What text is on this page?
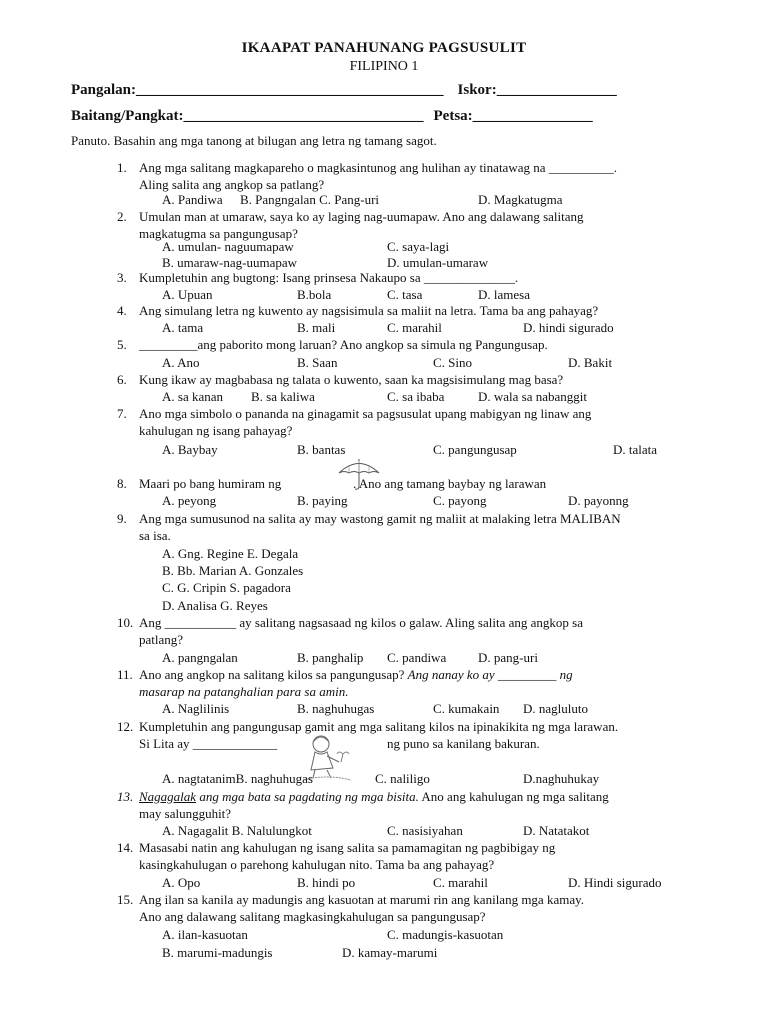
IKAAPAT PANAHUNANG PAGSUSULIT
FILIPINO 1
Pangalan:_________________________________________ Iskor:________________
Baitang/Pangkat:________________________________ Petsa:________________
Panuto. Basahin ang mga tanong at bilugan ang letra ng tamang sagot.
1. Ang mga salitang magkapareho o magkasintunog ang hulihan ay tinatawag na __________.
Aling salita ang angkop sa patlang?
A. Pandiwa B. Pangngalan C. Pang-uri	D. Magkatugma
2. Umulan man at umaraw, saya ko ay laging nag-uumapaw. Ano ang dalawang salitang
magkatugma sa pangungusap?
A. umulan- naguumapaw	C. saya-lagi
B. umaraw-nag-uumapaw	D. umulan-umaraw
3. Kumpletuhin ang bugtong: Isang prinsesa Nakaupo sa ______________.
A. Upuan	B.bola	C. tasa	D. lamesa
4. Ang simulang letra ng kuwento ay nagsisimula sa maliit na letra. Tama ba ang pahayag?
A. tama	B. mali	C. marahil	D. hindi sigurado
5. _________ang paborito mong laruan? Ano angkop sa simula ng Pangungusap.
A. Ano	B. Saan	C. Sino	D. Bakit
6. Kung ikaw ay magbabasa ng talata o kuwento, saan ka magsisimulang mag basa?
A. sa kanan B. sa kaliwa	C. sa ibaba	D. wala sa nabanggit
7. Ano mga simbolo o pananda na ginagamit sa pagsusulat upang mabigyan ng linaw ang
kahulugan ng isang pahayag?
A. Baybay	B. bantas	C. pangungusap	D. talata
8. Maari po bang humiram ng	. Ano ang tamang baybay ng larawan
A. peyong	B. paying	C. payong	D. payonng
9. Ang mga sumusunod na salita ay may wastong gamit ng maliit at malaking letra MALIBAN
sa isa.
A. Gng. Regine E. Degala
B. Bb. Marian A. Gonzales
C. G. Cripin S. pagadora
D. Analisa G. Reyes
10. Ang ___________ ay salitang nagsasaad ng kilos o galaw. Aling salita ang angkop sa
patlang?
A. pangngalan	B. panghalip C. pandiwa D. pang-uri
11. Ano ang angkop na salitang kilos sa pangungusap? Ang nanay ko ay _________ ng
masarap na patanghalian para sa amin.
A. Naglilinis	B. naghuhugas	C. kumakain D. nagluluto
12. Kumpletuhin ang pangungusap gamit ang mga salitang kilos na ipinakikita ng mga larawan.
Si Lita ay _____________	ng puno sa kanilang bakuran.
A. nagtatanimB. naghuhugas	C. naliligo	D.naghuhukay
13. Nagagalak ang mga bata sa pagdating ng mga bisita. Ano ang kahulugan ng mga salitang
may salungguhit?
A. Nagagalit B. Nalulungkot	C. nasisiyahan	D. Natatakot
14. Masasabi natin ang kahulugan ng isang salita sa pamamagitan ng pagbibigay ng
kasingkahulugan o parehong kahulugan nito. Tama ba ang pahayag?
A. Opo	B. hindi po	C. marahil	D. Hindi sigurado
15. Ang ilan sa kanila ay madungis ang kasuotan at marumi rin ang kanilang mga kamay.
Ano ang dalawang salitang magkasingkahulugan sa pangungusap?
A. ilan-kasuotan	C. madungis-kasuotan
B. marumi-madungis	D. kamay-marumi
